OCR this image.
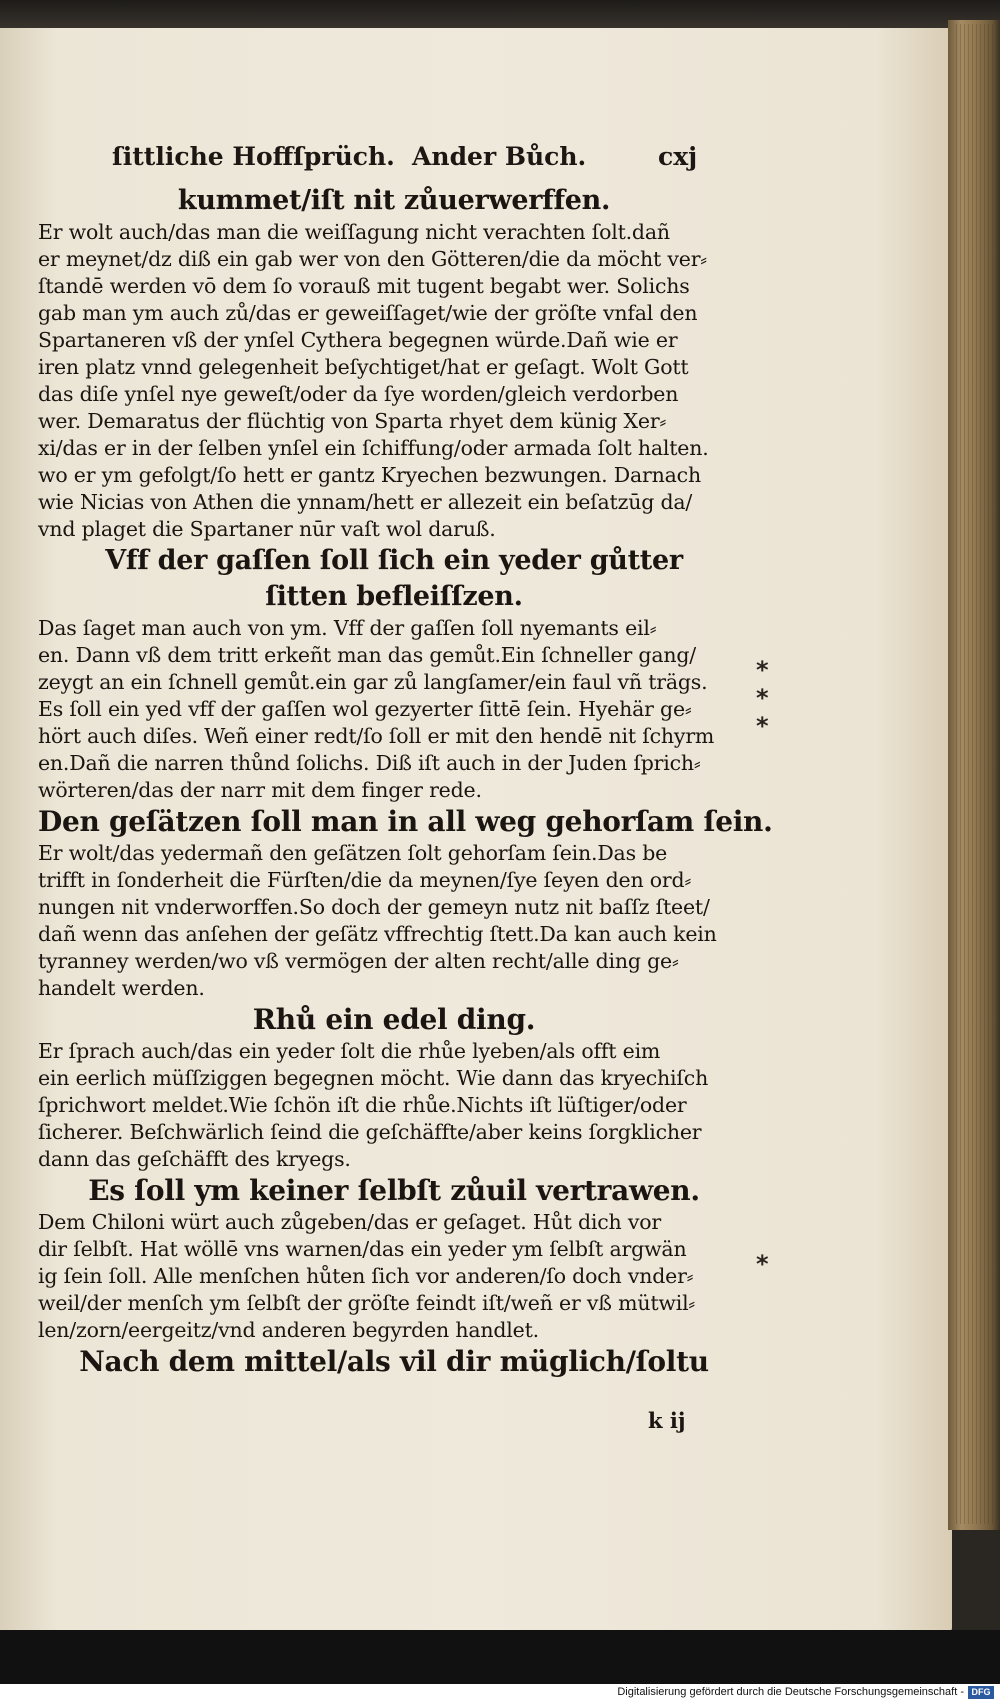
ſittliche Hoffſprüch. Ander Bůch.	cxj
kummet/iſt nit zůuerwerffen.
Er wolt auch/das man die weiſſagung nicht verachten ſolt.dañ
er meynet/dz diß ein gab wer von den Götteren/die da möcht ver⸗
ſtandē werden vō dem ſo vorauß mit tugent begabt wer. Solichs
gab man ym auch zů/das er geweiſſaget/wie der gröſte vnfal den
Spartaneren vß der ynſel Cythera begegnen würde.Dañ wie er
iren platz vnnd gelegenheit beſychtiget/hat er geſagt. Wolt Gott
das diſe ynſel nye geweſt/oder da ſye worden/gleich verdorben
wer. Demaratus der flüchtig von Sparta rhyet dem künig Xer⸗
xi/das er in der ſelben ynſel ein ſchiffung/oder armada ſolt halten.
wo er ym gefolgt/ſo hett er gantz Kryechen bezwungen. Darnach
wie Nicias von Athen die ynnam/hett er allezeit ein beſatzūg da/
vnd plaget die Spartaner nūr vaſt wol daruß.
Vff der gaſſen ſoll ſich ein yeder gůtter
ſitten befleiſſzen.
Das ſaget man auch von ym. Vff der gaſſen ſoll nyemants eil⸗
en. Dann vß dem tritt erkeñt man das gemůt.Ein ſchneller gang/
zeygt an ein ſchnell gemůt.ein gar zů langſamer/ein faul vñ trägs.
Es ſoll ein yed vff der gaſſen wol gezyerter ſittē ſein. Hyehär ge⸗
hört auch diſes. Weñ einer redt/ſo ſoll er mit den hendē nit ſchyrm
en.Dañ die narren thůnd ſolichs. Diß iſt auch in der Juden ſprich⸗
wörteren/das der narr mit dem finger rede.
Den geſätzen ſoll man in all weg gehorſam ſein.
Er wolt/das yedermañ den geſätzen ſolt gehorſam ſein.Das be
trifft in ſonderheit die Fürſten/die da meynen/ſye ſeyen den ord⸗
nungen nit vnderworffen.So doch der gemeyn nutz nit baſſz ſteet/
dañ wenn das anſehen der geſätz vffrechtig ſtett.Da kan auch kein
tyranney werden/wo vß vermögen der alten recht/alle ding ge⸗
handelt werden.
Rhů ein edel ding.
Er ſprach auch/das ein yeder ſolt die rhůe lyeben/als offt eim
ein eerlich müſſziggen begegnen möcht. Wie dann das kryechiſch
ſprichwort meldet.Wie ſchön iſt die rhůe.Nichts iſt lüſtiger/oder
ſicherer. Beſchwärlich ſeind die geſchäffte/aber keins ſorgklicher
dann das geſchäfft des kryegs.
Es ſoll ym keiner ſelbſt zůuil vertrawen.
Dem Chiloni würt auch zůgeben/das er geſaget. Hůt dich vor
dir ſelbſt. Hat wöllē vns warnen/das ein yeder ym ſelbſt argwän
ig ſein ſoll. Alle menſchen hůten ſich vor anderen/ſo doch vnder⸗
weil/der menſch ym ſelbſt der gröſte feindt iſt/weñ er vß mütwil⸗
len/zorn/eergeitz/vnd anderen begyrden handlet.
Nach dem mittel/als vil dir müglich/ſoltu
*
*
*
*
k ij
Digitalisierung gefördert durch die Deutsche Forschungsgemeinschaft - DFG
